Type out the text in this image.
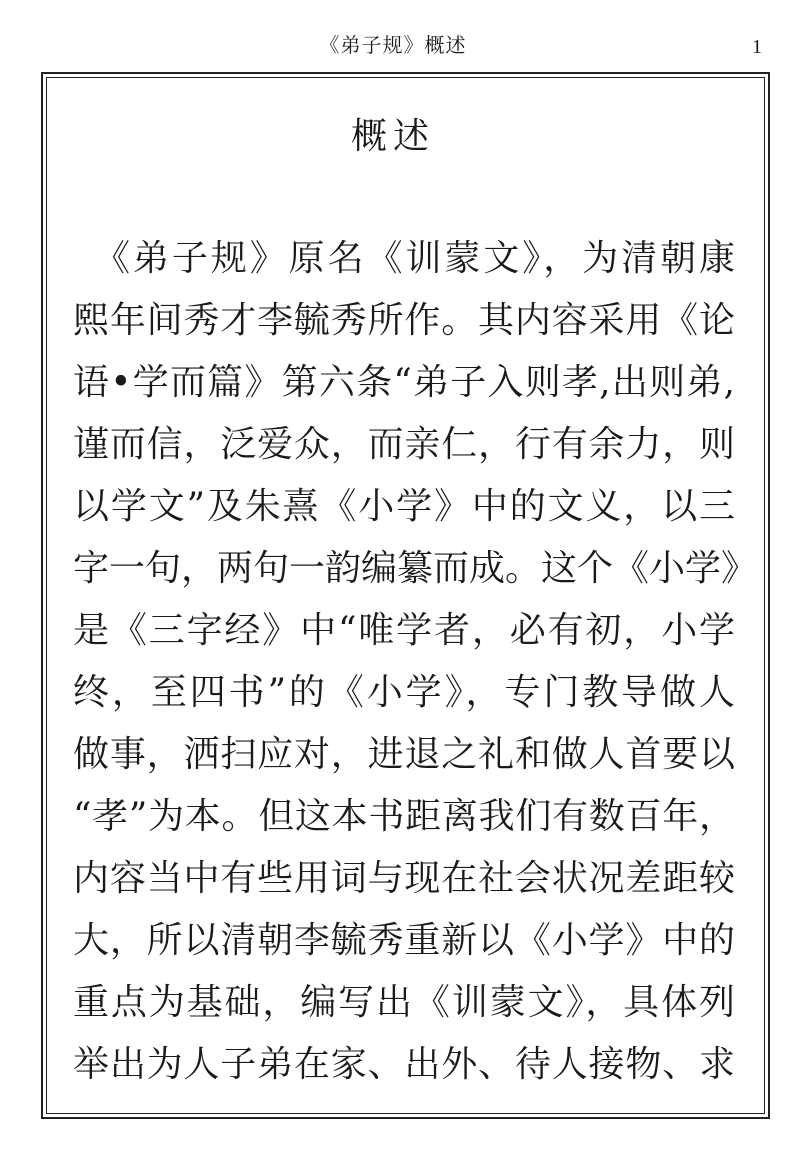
《弟子规》概述	1
概述
　《弟子规》原名《训蒙文》，为清朝康
熙年间秀才李毓秀所作。其内容采用《论
语•学而篇》第六条“弟子入则孝,出则弟,
谨而信，泛爱众，而亲仁，行有余力，则
以学文”及朱熹《小学》中的文义，以三
字一句，两句一韵编纂而成。这个《小学》
是《三字经》中“唯学者，必有初，小学
终，至四书”的《小学》，专门教导做人
做事，洒扫应对，进退之礼和做人首要以
“孝”为本。但这本书距离我们有数百年，
内容当中有些用词与现在社会状况差距较
大，所以清朝李毓秀重新以《小学》中的
重点为基础，编写出《训蒙文》，具体列
举出为人子弟在家、出外、待人接物、求
